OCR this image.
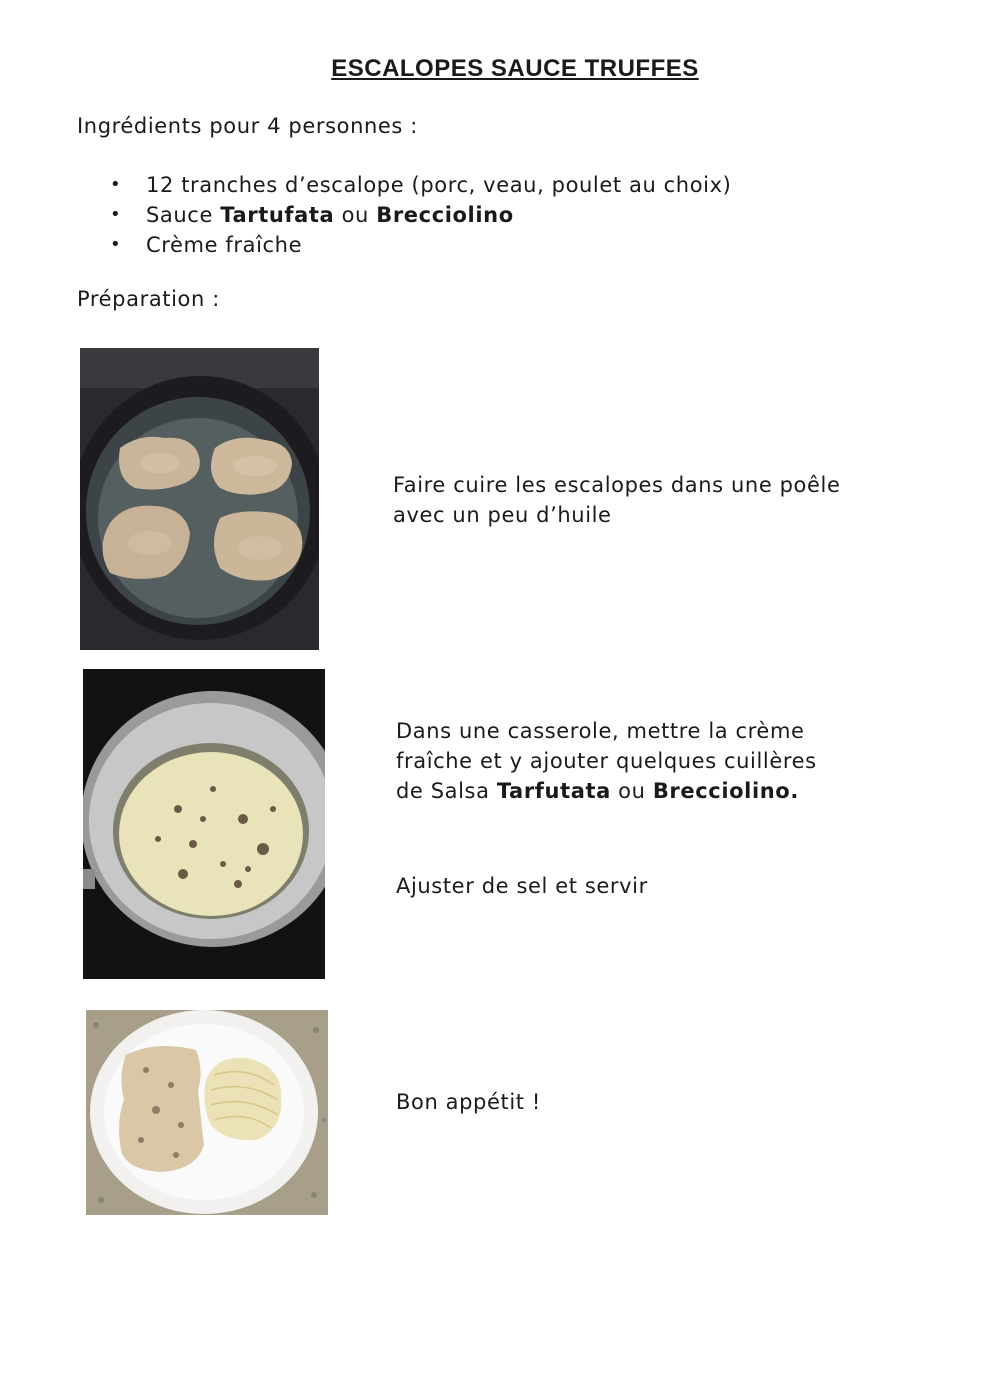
ESCALOPES SAUCE TRUFFES
Ingrédients pour 4 personnes :
• 12 tranches d’escalope (porc, veau, poulet au choix)
• Sauce Tartufata ou Brecciolino
• Crème fraîche
Préparation :
Faire cuire les escalopes dans une poêle
avec un peu d’huile
Dans une casserole, mettre la crème
fraîche et y ajouter quelques cuillères
de Salsa Tarfutata ou Brecciolino.
Ajuster de sel et servir
Bon appétit !
